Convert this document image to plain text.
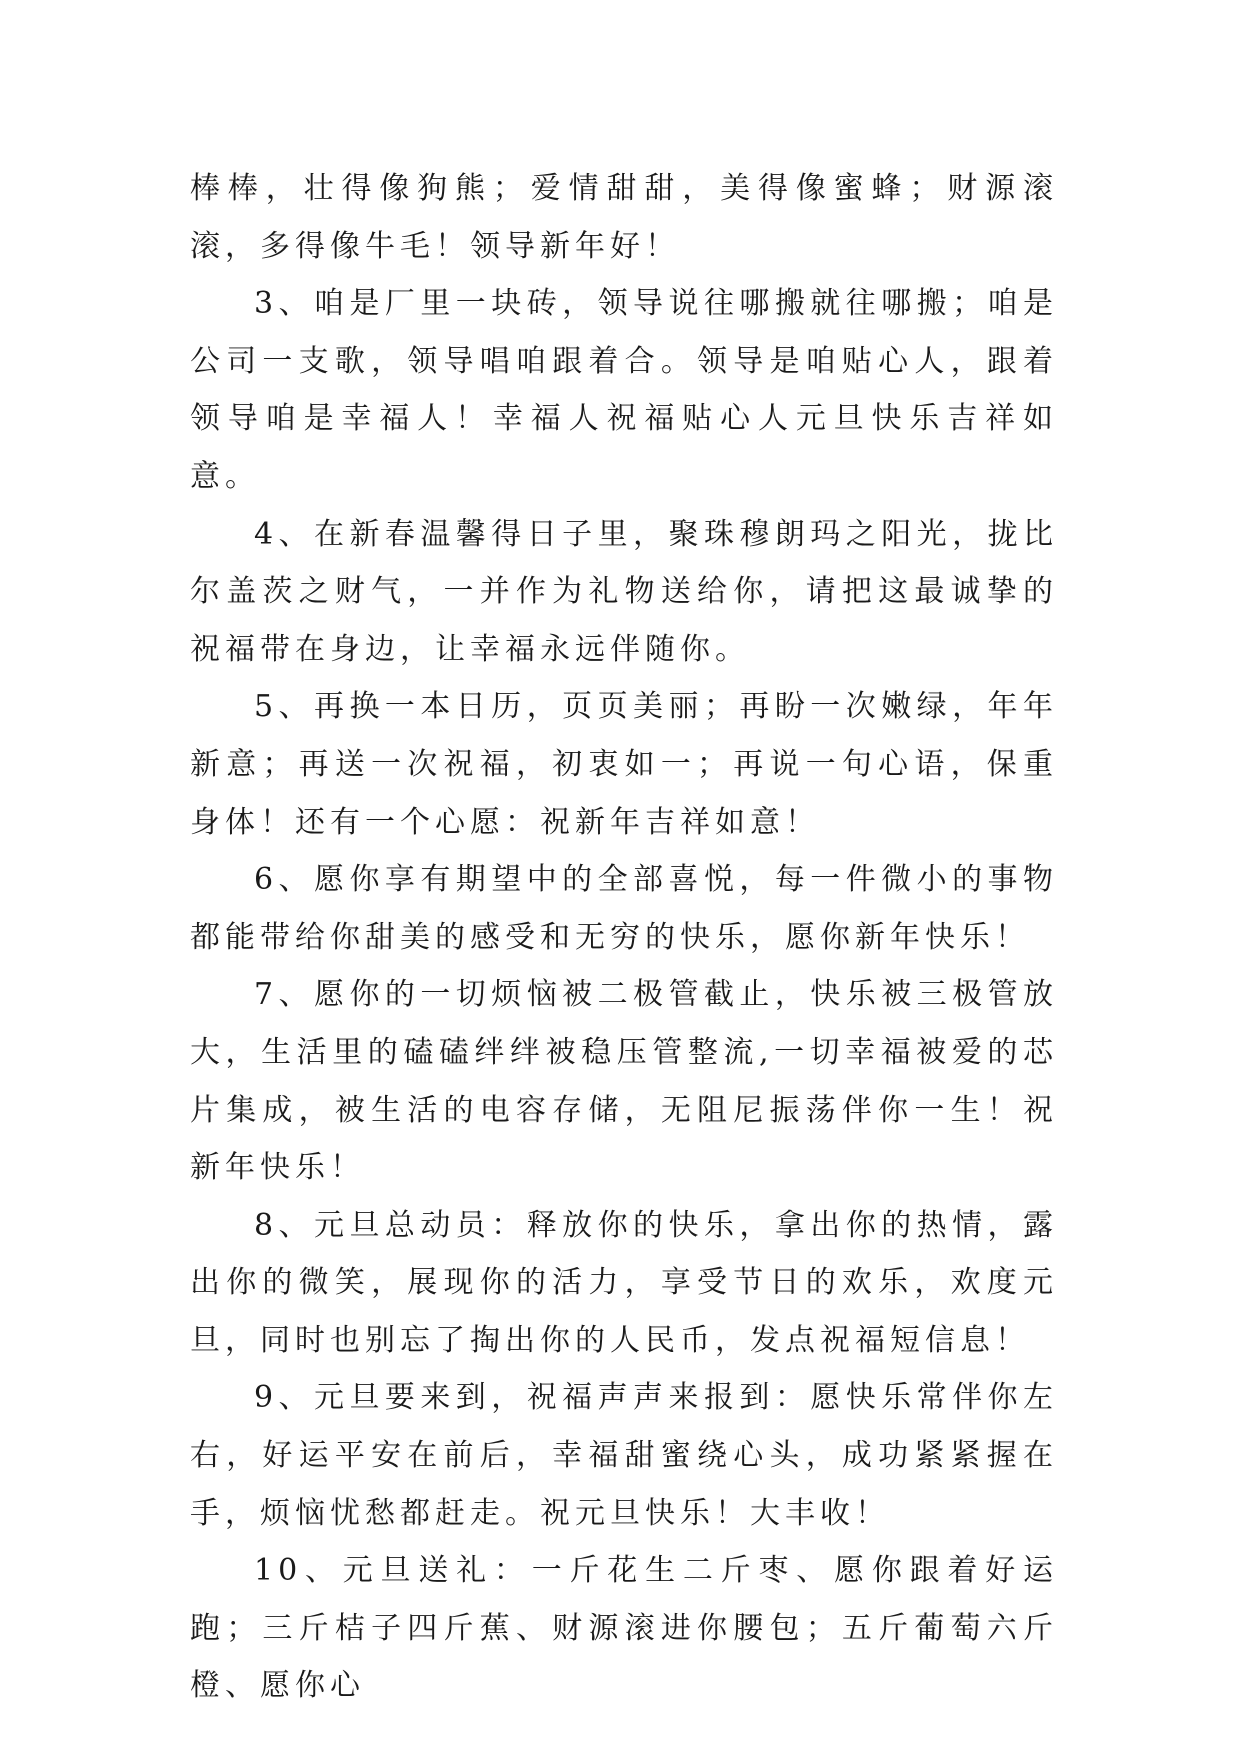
棒棒，壮得像狗熊；爱情甜甜，美得像蜜蜂；财源滚滚，多得像牛毛！领导新年好！

3、咱是厂里一块砖，领导说往哪搬就往哪搬；咱是公司一支歌，领导唱咱跟着合。领导是咱贴心人，跟着领导咱是幸福人！幸福人祝福贴心人元旦快乐吉祥如意。

4、在新春温馨得日子里，聚珠穆朗玛之阳光，拢比尔盖茨之财气，一并作为礼物送给你，请把这最诚挚的祝福带在身边，让幸福永远伴随你。

5、再换一本日历，页页美丽；再盼一次嫩绿，年年新意；再送一次祝福，初衷如一；再说一句心语，保重身体！还有一个心愿：祝新年吉祥如意！

6、愿你享有期望中的全部喜悦，每一件微小的事物都能带给你甜美的感受和无穷的快乐，愿你新年快乐！

7、愿你的一切烦恼被二极管截止，快乐被三极管放大，生活里的磕磕绊绊被稳压管整流,一切幸福被爱的芯片集成，被生活的电容存储，无阻尼振荡伴你一生！祝新年快乐！

8、元旦总动员：释放你的快乐，拿出你的热情，露出你的微笑，展现你的活力，享受节日的欢乐，欢度元旦，同时也别忘了掏出你的人民币，发点祝福短信息！

9、元旦要来到，祝福声声来报到：愿快乐常伴你左右，好运平安在前后，幸福甜蜜绕心头，成功紧紧握在手，烦恼忧愁都赶走。祝元旦快乐！大丰收！

10、元旦送礼：一斤花生二斤枣、愿你跟着好运跑；三斤桔子四斤蕉、财源滚进你腰包；五斤葡萄六斤橙、愿你心
